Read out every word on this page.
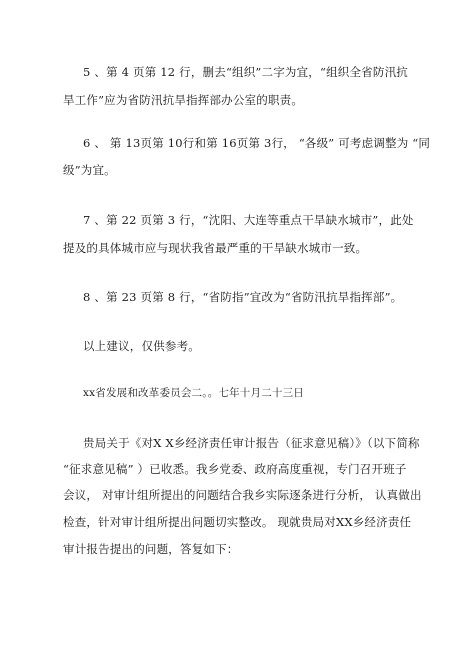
5 、第 4 页第 12 行，删去“组织”二字为宜，“组织全省防汛抗
旱工作”应为省防汛抗旱指挥部办公室的职责。
6 、 第 13页第 10行和第 16页第 3行， “各级” 可考虑调整为 “同
级”为宜。
7 、第 22 页第 3 行，“沈阳、大连等重点干旱缺水城市”，此处
提及的具体城市应与现状我省最严重的干旱缺水城市一致。
8 、第 23 页第 8 行，“省防指”宜改为“省防汛抗旱指挥部”。
以上建议，仅供参考。
xx省发展和改革委员会二。。七年十月二十三日
贵局关于《对X X乡经济责任审计报告（征求意见稿）》（以下简称
“征求意见稿” ）已收悉。我乡党委、政府高度重视，专门召开班子
会议， 对审计组所提出的问题结合我乡实际逐条进行分析， 认真做出
检查，针对审计组所提出问题切实整改。 现就贵局对XX乡经济责任
审计报告提出的问题，答复如下：
